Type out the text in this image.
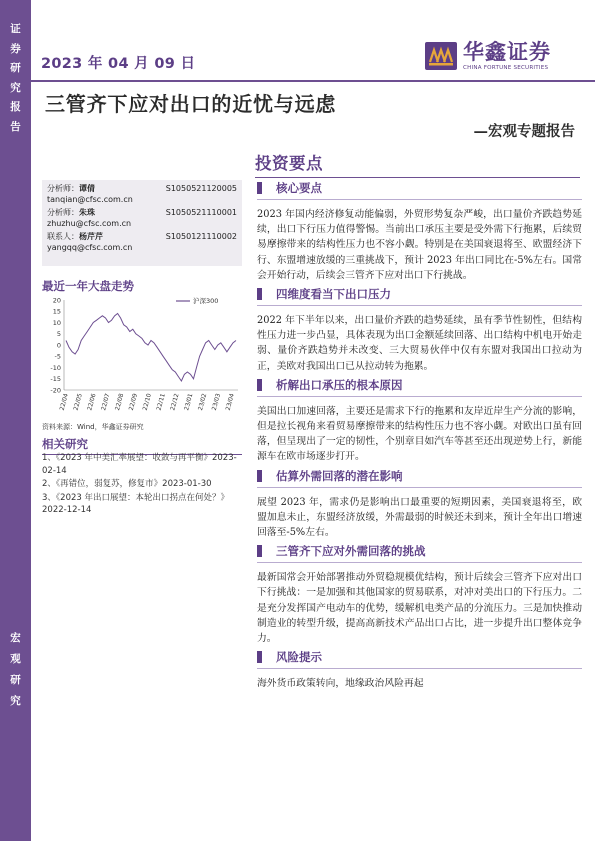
证
券
研
究
报
告
宏
观
研
究
2023 年 04 月 09 日	华鑫证券
CHINA FORTUNE SECURITIES
三管齐下应对出口的近忧与远虑
—宏观专题报告
投资要点
分析师：谭倩	S1050521120005
tanqian@cfsc.com.cn
分析师：朱珠	S1050521110001
zhuzhu@cfsc.com.cn
联系人：杨芹芹	S1050121110002
yangqq@cfsc.com.cn
最近一年大盘走势
20
15
10
5
0
-5
-10
-15
-20
22/04 22/05 22/06 22/07 22/08 22/09 22/10 22/11 22/12 23/01 23/02 23/03 23/04
沪深300
资料来源：Wind，华鑫证券研究
相关研究
1、《2023 年中美汇率展望：收敛与再平衡》2023-02-14
2、《再错位，弱复苏，修复市》2023-01-30
3、《2023 年出口展望：本轮出口拐点在何处？》2022-12-14
核心要点

2023 年国内经济修复动能偏弱，外贸形势复杂严峻，出口量价齐跌趋势延续，出口下行压力值得警惕。当前出口承压主要是受外需下行拖累，后续贸易摩擦带来的结构性压力也不容小觑。特别是在美国衰退将至、欧盟经济下行、东盟增速放缓的三重挑战下，预计 2023 年出口同比在-5%左右。国常会开始行动，后续会三管齐下应对出口下行挑战。

四维度看当下出口压力

2022 年下半年以来，出口量价齐跌的趋势延续，虽有季节性韧性，但结构性压力进一步凸显，具体表现为出口金额延续回落、出口结构中机电开始走弱、量价齐跌趋势并未改变、三大贸易伙伴中仅有东盟对我国出口拉动为正，美欧对我国出口已从拉动转为拖累。

析解出口承压的根本原因

美国出口加速回落，主要还是需求下行的拖累和友岸近岸生产分流的影响，但是拉长视角来看贸易摩擦带来的结构性压力也不容小觑。对欧出口虽有回落，但呈现出了一定的韧性，个别章目如汽车等甚至还出现逆势上行，新能源车在欧市场逐步打开。

估算外需回落的潜在影响

展望 2023 年，需求仍是影响出口最重要的短期因素，美国衰退将至，欧盟加息未止，东盟经济放缓，外需最弱的时候还未到来，预计全年出口增速回落至-5%左右。

三管齐下应对外需回落的挑战

最新国常会开始部署推动外贸稳规模优结构，预计后续会三管齐下应对出口下行挑战：一是加强和其他国家的贸易联系，对冲对美出口的下行压力。二是充分发挥国产电动车的优势，缓解机电类产品的分流压力。三是加快推动制造业的转型升级，提高高新技术产品出口占比，进一步提升出口整体竞争力。

风险提示

海外货币政策转向，地缘政治风险再起
